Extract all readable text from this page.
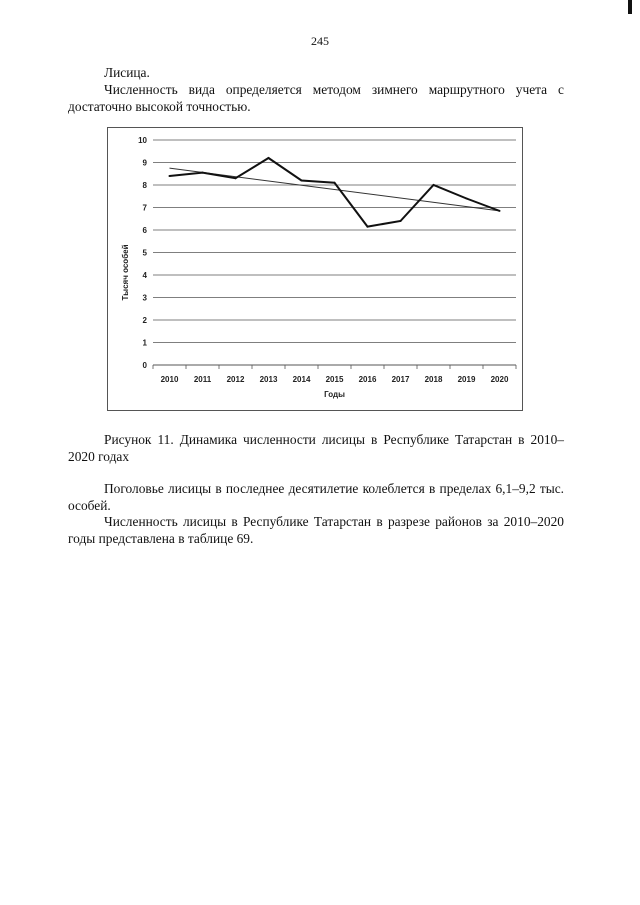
245
Лисица.
Численность вида определяется методом зимнего маршрутного учета с достаточно высокой точностью.
0
1
2
3
4
5
6
7
8
9
10
2010 2011 2012 2013 2014 2015 2016 2017 2018 2019 2020
Годы
Тысяч особей
Рисунок 11. Динамика численности лисицы в Республике Татарстан в 2010–2020 годах
Поголовье лисицы в последнее десятилетие колеблется в пределах 6,1–9,2 тыс. особей.
Численность лисицы в Республике Татарстан в разрезе районов за 2010–2020 годы представлена в таблице 69.
